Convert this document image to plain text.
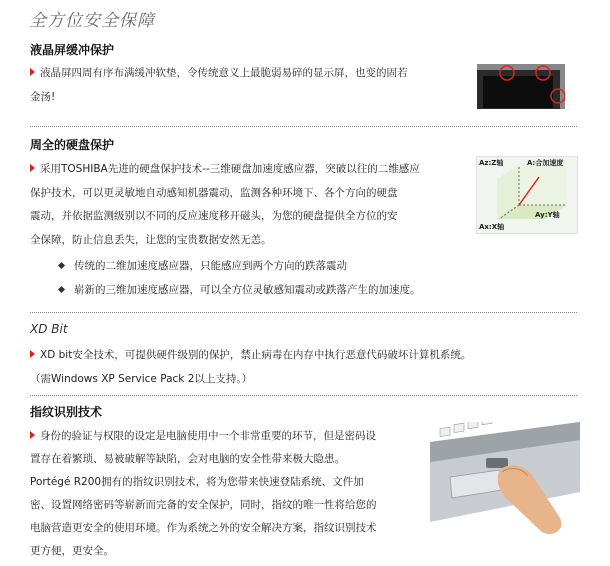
全方位安全保障
液晶屏缓冲保护
液晶屏四周有序布满缓冲软垫，令传统意义上最脆弱易碎的显示屏，也变的固若
金汤!
周全的硬盘保护
采用TOSHIBA先进的硬盘保护技术--三维硬盘加速度感应器，突破以往的二维感应
保护技术，可以更灵敏地自动感知机器震动，监测各种环境下、各个方向的硬盘
震动，并依据监测级别以不同的反应速度移开磁头，为您的硬盘提供全方位的安
全保障，防止信息丢失，让您的宝贵数据安然无恙。
传统的二维加速度感应器，只能感应到两个方向的跌落震动
崭新的三维加速度感应器，可以全方位灵敏感知震动或跌落产生的加速度。
Az:Z轴	A:合加速度
Ay:Y轴
Ax:X轴
XD Bit
XD bit安全技术，可提供硬件级别的保护，禁止病毒在内存中执行恶意代码破坏计算机系统。
（需Windows XP Service Pack 2以上支持。）
指纹识别技术
身份的验证与权限的设定是电脑使用中一个非常重要的环节，但是密码设
置存在着繁琐、易被破解等缺陷，会对电脑的安全性带来极大隐患。
Portégé R200拥有的指纹识别技术，将为您带来快速登陆系统、文件加
密、设置网络密码等崭新而完备的安全保护，同时，指纹的唯一性将给您的
电脑营造更安全的使用环境。作为系统之外的安全解决方案，指纹识别技术
更方便，更安全。
